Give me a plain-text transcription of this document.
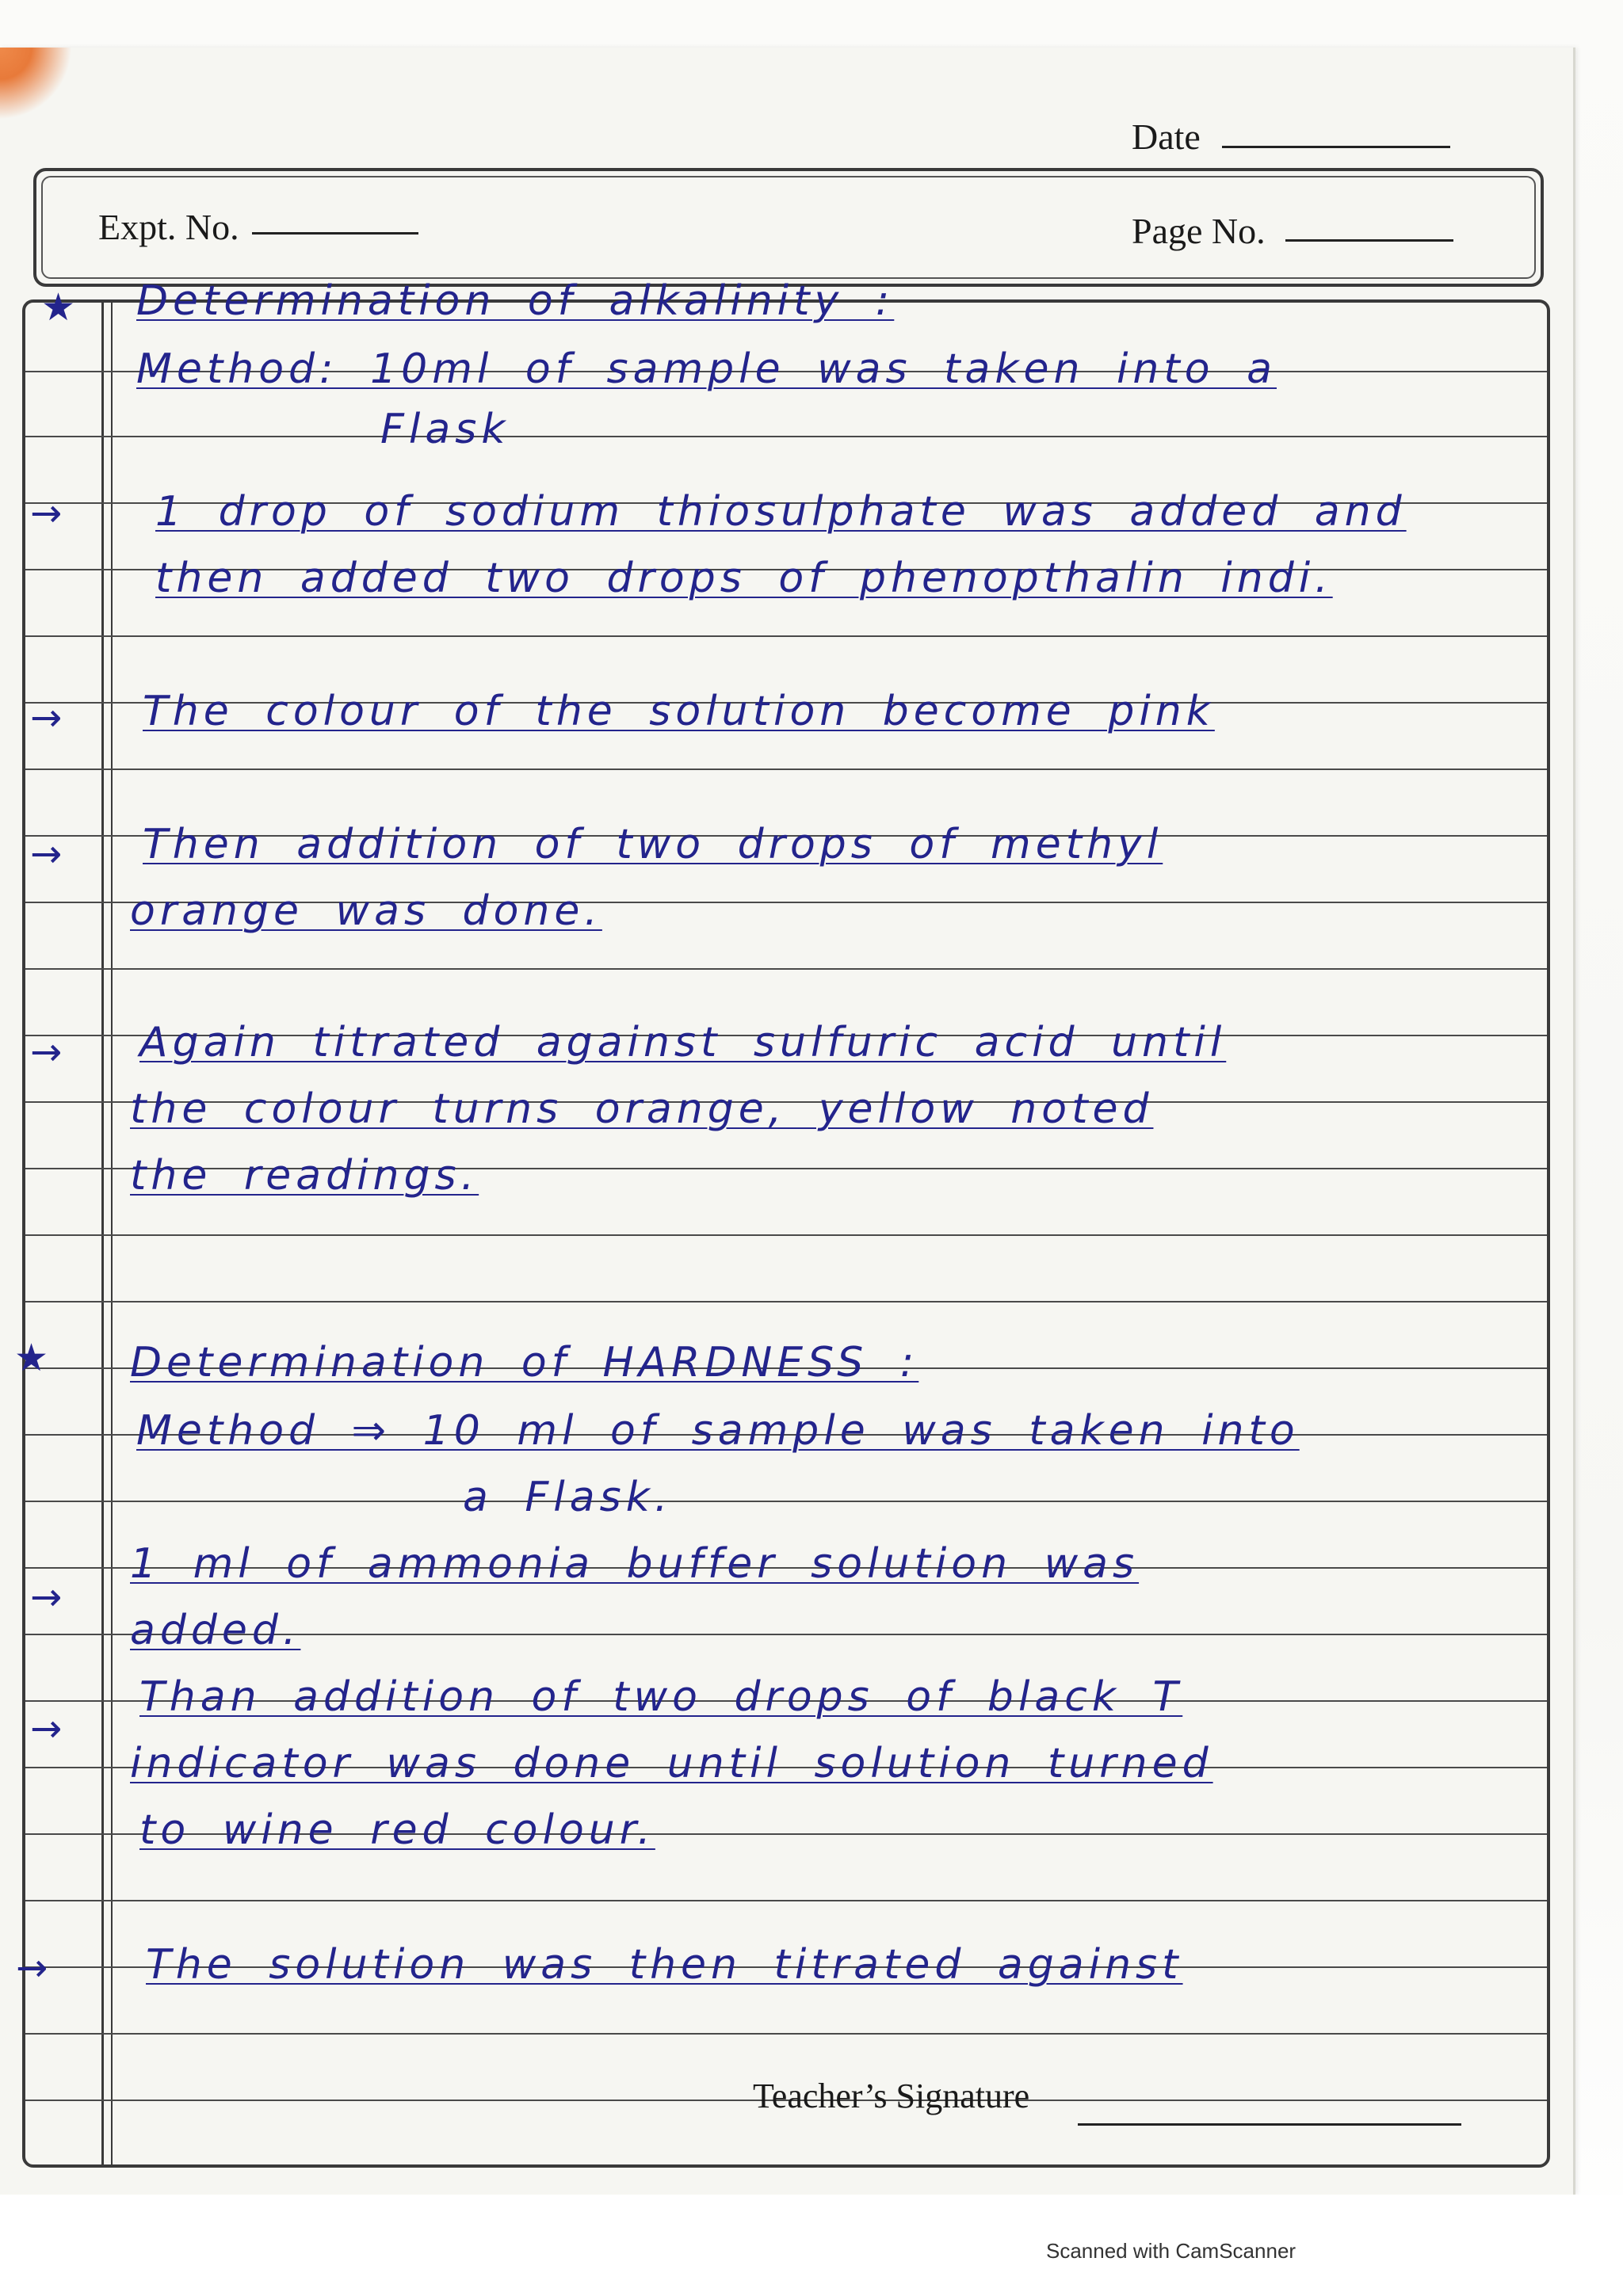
Date
Expt. No.	Page No.
★ Determination of alkalinity :
Method: 10ml of sample was taken into a
Flask
→ 1 drop of sodium thiosulphate was added and
then added two drops of phenopthalin indi.
→ The colour of the solution become pink
→ Then addition of two drops of methyl
orange was done.
→ Again titrated against sulfuric acid until
the colour turns orange, yellow noted
the readings.
★ Determination of HARDNESS :
Method ⇒ 10 ml of sample was taken into
a Flask.
→
1 ml of ammonia buffer solution was
added.
→
Than addition of two drops of black T
indicator was done until solution turned
to wine red colour.
→ The solution was then titrated against
Teacher’s Signature
Scanned with CamScanner
